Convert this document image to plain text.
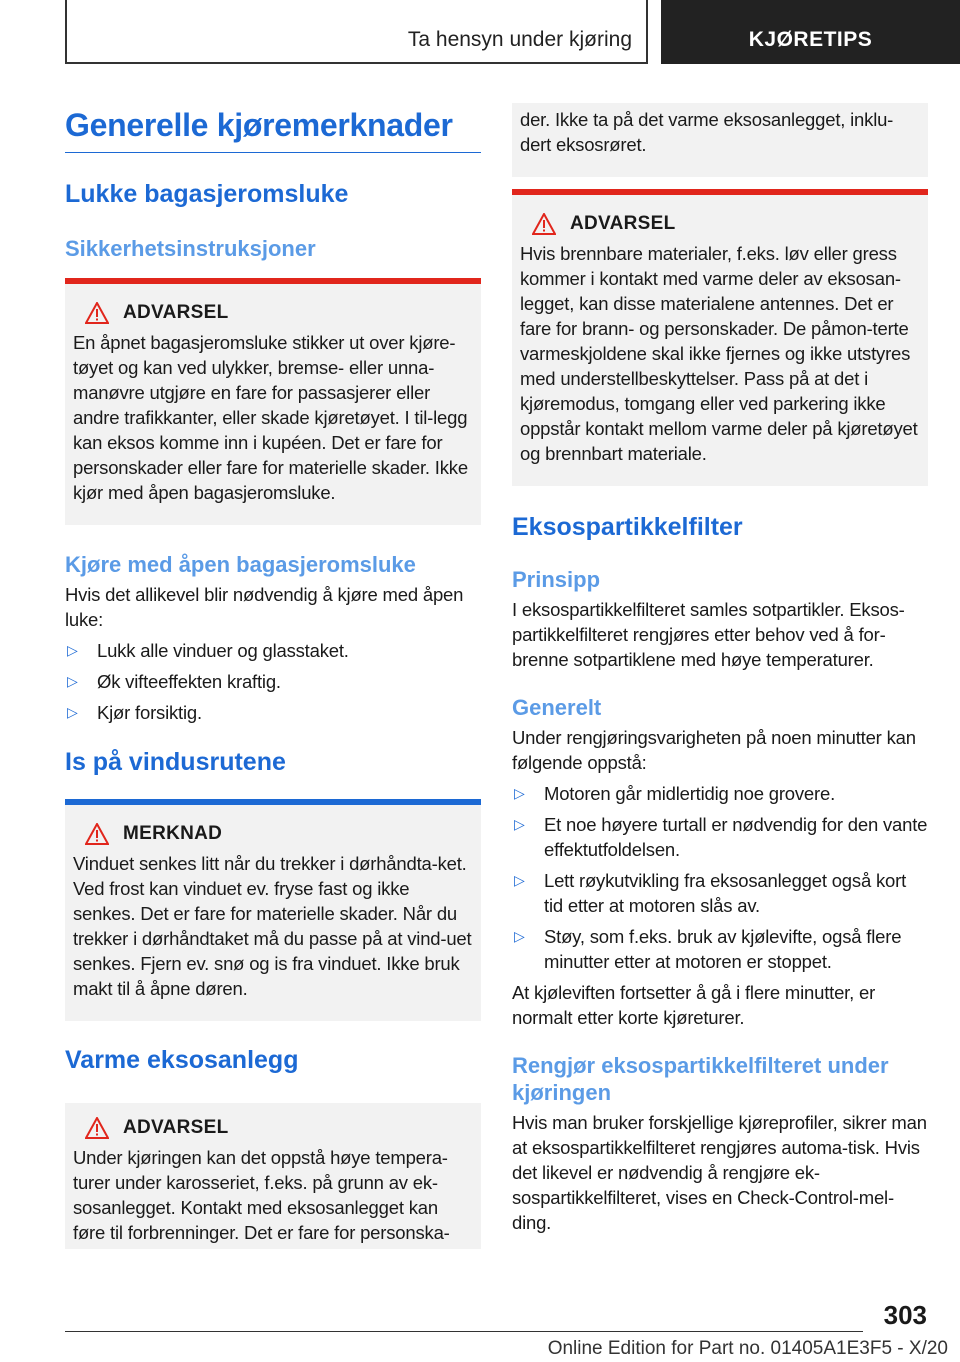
Ta hensyn under kjøring	KJØRETIPS
Generelle kjøremerknader
Lukke bagasjeromsluke
Sikkerhetsinstruksjoner
ADVARSEL

En åpnet bagasjeromsluke stikker ut over kjøre‐tøyet og kan ved ulykker, bremse- eller unna‐manøvre utgjøre en fare for passasjerer eller andre trafikkanter, eller skade kjøretøyet. I til‐legg kan eksos komme inn i kupéen. Det er fare for personskader eller fare for materielle skader. Ikke kjør med åpen bagasjeromsluke.

Kjøre med åpen bagasjeromsluke

Hvis det allikevel blir nødvendig å kjøre med åpen luke:

▷	Lukk alle vinduer og glasstaket.
▷	Øk vifteeffekten kraftig.
▷	Kjør forsiktig.
Is på vindusrutene
MERKNAD

Vinduet senkes litt når du trekker i dørhåndta‐ket. Ved frost kan vinduet ev. fryse fast og ikke senkes. Det er fare for materielle skader. Når du trekker i dørhåndtaket må du passe på at vind‐uet senkes. Fjern ev. snø og is fra vinduet. Ikke bruk makt til å åpne døren.

Varme eksosanlegg
ADVARSEL

Under kjøringen kan det oppstå høye tempera‐turer under karosseriet, f.eks. på grunn av ek‐sosanlegget. Kontakt med eksosanlegget kan føre til forbrenninger. Det er fare for personska‐

der. Ikke ta på det varme eksosanlegget, inklu‐dert eksosrøret.

ADVARSEL

Hvis brennbare materialer, f.eks. løv eller gress kommer i kontakt med varme deler av eksosan‐legget, kan disse materialene antennes. Det er fare for brann- og personskader. De påmon‐terte varmeskjoldene skal ikke fjernes og ikke utstyres med understellbeskyttelser. Pass på at det i kjøremodus, tomgang eller ved parkering ikke oppstår kontakt mellom varme deler på kjøretøyet og brennbart materiale.

Eksospartikkelfilter
Prinsipp

I eksospartikkelfilteret samles sotpartikler. Eksos‐partikkelfilteret rengjøres etter behov ved å for‐brenne sotpartiklene med høye temperaturer.

Generelt

Under rengjøringsvarigheten på noen minutter kan følgende oppstå:

▷	Motoren går midlertidig noe grovere.
▷	Et noe høyere turtall er nødvendig for den vante effektutfoldelsen.
▷	Lett røykutvikling fra eksosanlegget også kort tid etter at motoren slås av.
▷	Støy, som f.eks. bruk av kjølevifte, også flere minutter etter at motoren er stoppet.

At kjøleviften fortsetter å gå i flere minutter, er normalt etter korte kjøreturer.

Rengjør eksospartikkelfilteret under kjøringen

Hvis man bruker forskjellige kjøreprofiler, sikrer man at eksospartikkelfilteret rengjøres automa‐tisk. Hvis det likevel er nødvendig å rengjøre ek‐sospartikkelfilteret, vises en Check-Control-mel‐ding.

303
Online Edition for Part no. 01405A1E3F5 - X/20
